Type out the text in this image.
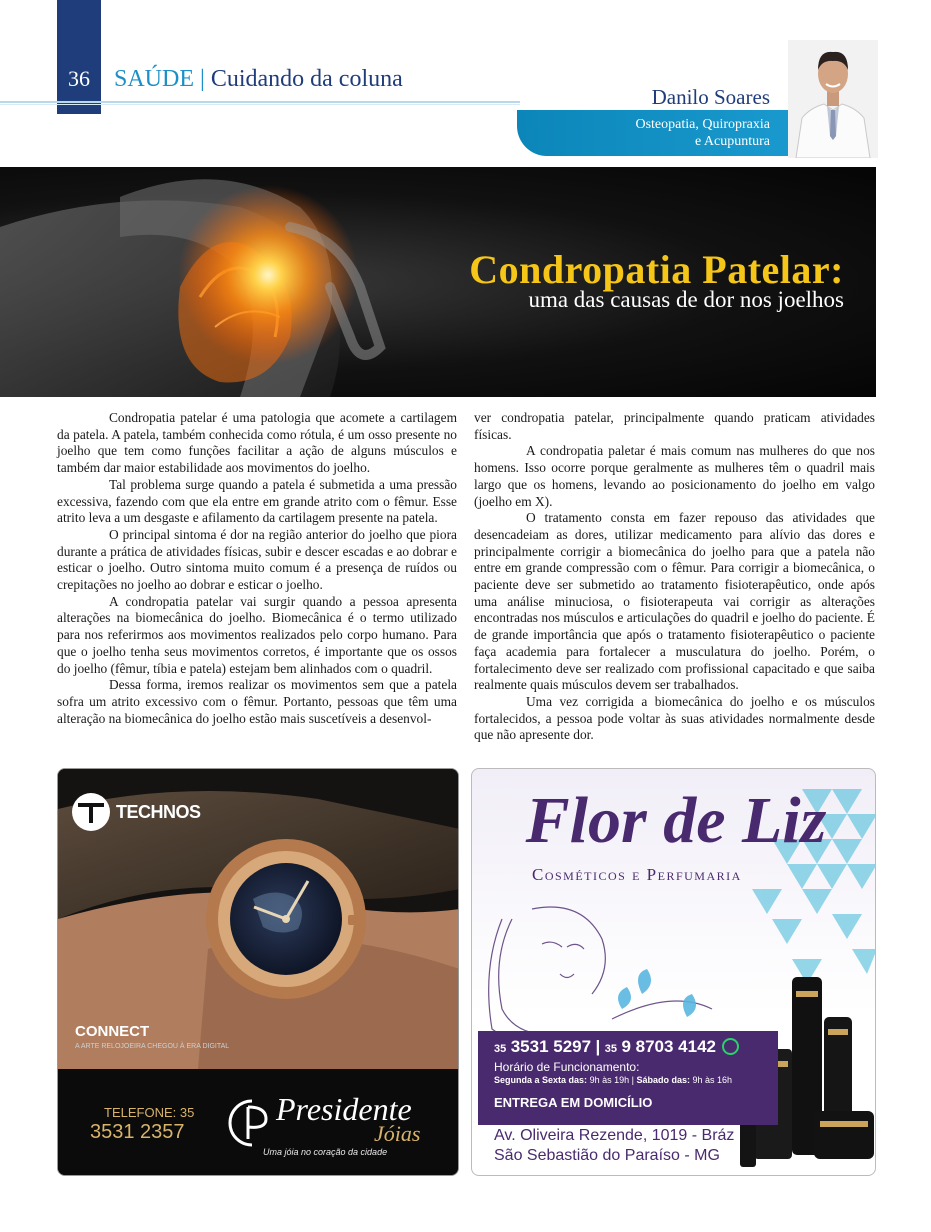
36	SAÚDE | Cuidando da coluna
Danilo Soares
Osteopatia, Quiropraxia
e Acupuntura
Condropatia Patelar:
uma das causas de dor nos joelhos

Condropatia patelar é uma patologia que acomete a cartilagem da patela. A patela, também conhecida como rótula, é um osso presente no joelho que tem como funções facilitar a ação de alguns músculos e também dar maior estabilidade aos movimentos do joelho.

Tal problema surge quando a patela é submetida a uma pressão excessiva, fazendo com que ela entre em grande atrito com o fêmur. Esse atrito leva a um desgaste e afilamento da cartilagem presente na patela.

O principal sintoma é dor na região anterior do joelho que piora durante a prática de atividades físicas, subir e descer escadas e ao dobrar e esticar o joelho. Outro sintoma muito comum é a presença de ruídos ou crepitações no joelho ao dobrar e esticar o joelho.

A condropatia patelar vai surgir quando a pessoa apresenta alterações na biomecânica do joelho. Biomecânica é o termo utilizado para nos referirmos aos movimentos realizados pelo corpo humano. Para que o joelho tenha seus movimentos corretos, é importante que os ossos do joelho (fêmur, tíbia e patela) estejam bem alinhados com o quadril.

Dessa forma, iremos realizar os movimentos sem que a patela sofra um atrito excessivo com o fêmur. Portanto, pessoas que têm uma alteração na biomecânica do joelho estão mais suscetíveis a desenvol-

ver condropatia patelar, principalmente quando praticam atividades físicas.

A condropatia paletar é mais comum nas mulheres do que nos homens. Isso ocorre porque geralmente as mulheres têm o quadril mais largo que os homens, levando ao posicionamento do joelho em valgo (joelho em X).

O tratamento consta em fazer repouso das atividades que desencadeiam as dores, utilizar medicamento para alívio das dores e principalmente corrigir a biomecânica do joelho para que a patela não entre em grande compressão com o fêmur. Para corrigir a biomecânica, o paciente deve ser submetido ao tratamento fisioterapêutico, onde após uma análise minuciosa, o fisioterapeuta vai corrigir as alterações encontradas nos músculos e articulações do quadril e joelho do paciente. É de grande importância que após o tratamento fisioterapêutico o paciente faça academia para fortalecer a musculatura do joelho. Porém, o fortalecimento deve ser realizado com profissional capacitado e que saiba realmente quais músculos devem ser trabalhados.

Uma vez corrigida a biomecânica do joelho e os músculos fortalecidos, a pessoa pode voltar às suas atividades normalmente desde que não apresente dor.

TECHNOS
CONNECT
A ARTE RELOJOEIRA CHEGOU À ERA DIGITAL
TELEFONE: 35
3531 2357
Presidente
Jóias
Uma jóia no coração da cidade
Flor de Liz
Cosméticos e Perfumaria
35 3531 5297 | 35 9 8703 4142
Horário de Funcionamento:
Segunda a Sexta das: 9h às 19h | Sábado das: 9h às 16h
ENTREGA EM DOMICÍLIO
Av. Oliveira Rezende, 1019 - Bráz
São Sebastião do Paraíso - MG
